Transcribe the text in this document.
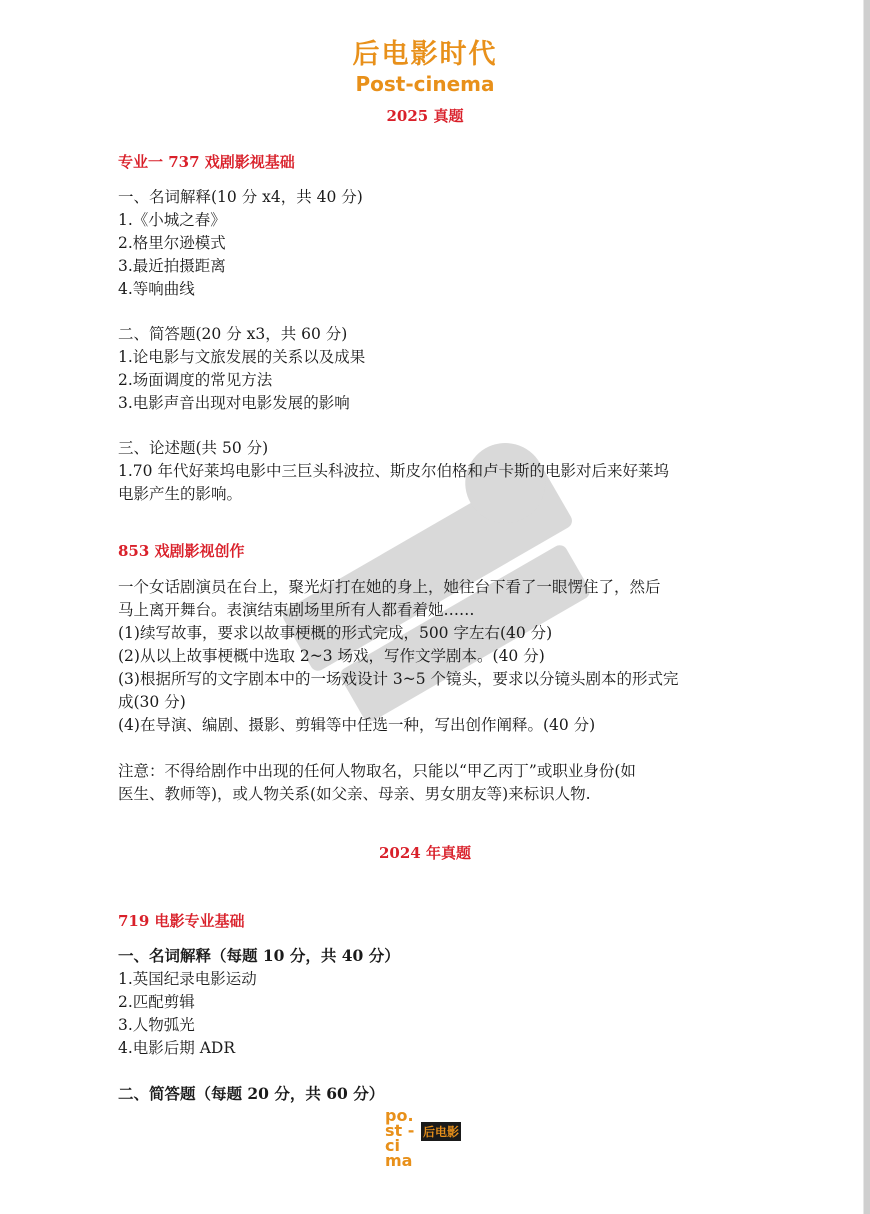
后电影时代
Post-cinema
2025 真题
专业一 737 戏剧影视基础
一、名词解释(10 分 x4，共 40 分)
1.《小城之春》
2.格里尔逊模式
3.最近拍摄距离
4.等响曲线
二、简答题(20 分 x3，共 60 分)
1.论电影与文旅发展的关系以及成果
2.场面调度的常见方法
3.电影声音出现对电影发展的影响
三、论述题(共 50 分)
1.70 年代好莱坞电影中三巨头科波拉、斯皮尔伯格和卢卡斯的电影对后来好莱坞
电影产生的影响。
853 戏剧影视创作
一个女话剧演员在台上，聚光灯打在她的身上，她往台下看了一眼愣住了，然后
马上离开舞台。表演结束剧场里所有人都看着她……
(1)续写故事，要求以故事梗概的形式完成，500 字左右(40 分)
(2)从以上故事梗概中选取 2~3 场戏，写作文学剧本。(40 分)
(3)根据所写的文字剧本中的一场戏设计 3~5 个镜头，要求以分镜头剧本的形式完
成(30 分)
(4)在导演、编剧、摄影、剪辑等中任选一种，写出创作阐释。(40 分)
注意：不得给剧作中出现的任何人物取名，只能以“甲乙丙丁”或职业身份(如
医生、教师等)，或人物关系(如父亲、母亲、男女朋友等)来标识人物.
2024 年真题
719 电影专业基础
一、名词解释（每题 10 分，共 40 分）
1.英国纪录电影运动
2.匹配剪辑
3.人物弧光
4.电影后期 ADR
二、简答题（每题 20 分，共 60 分）
po.st -ci ma
后电影
